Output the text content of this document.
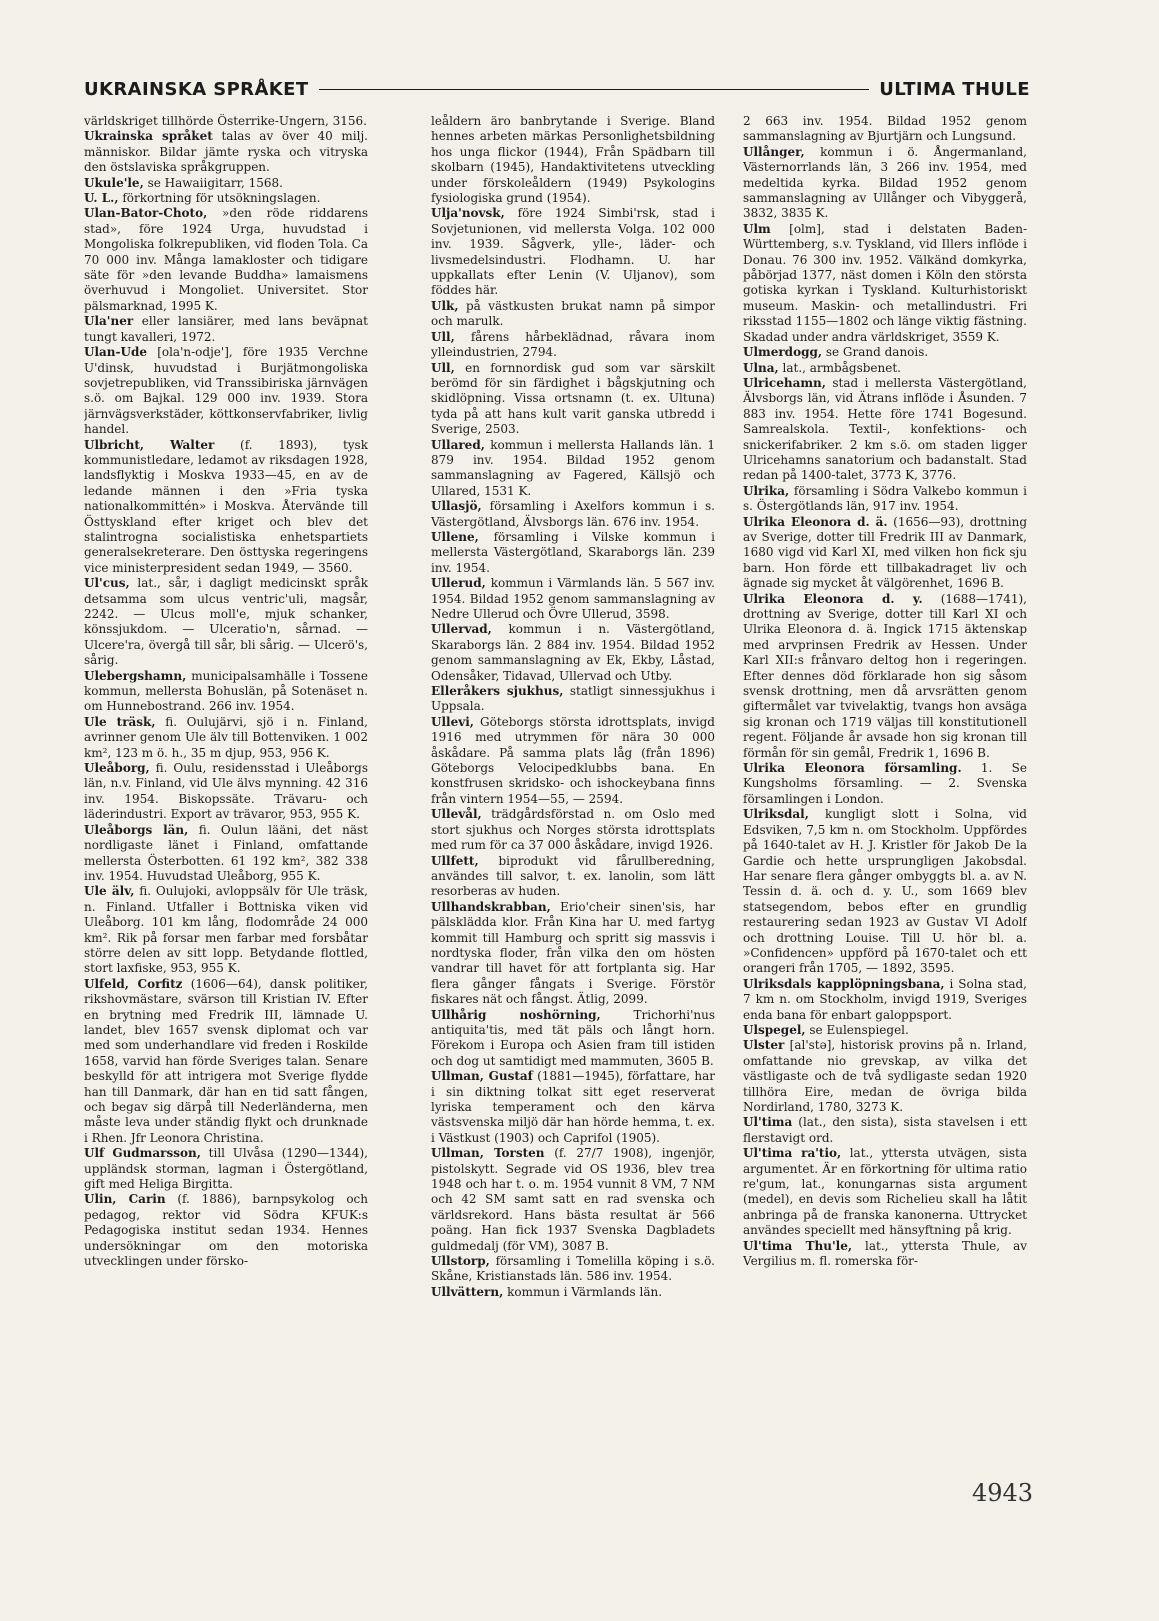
UKRAINSKA SPRÅKET	ULTIMA THULE

världskriget tillhörde Österrike-Ungern, 3156.

Ukrainska språket talas av över 40 milj. människor. Bildar jämte ryska och vitryska den östslaviska språkgruppen.

Ukule'le, se Hawaiigitarr, 1568.

U. L., förkortning för utsökningslagen.

Ulan-Bator-Choto, »den röde riddarens stad», före 1924 Urga, huvudstad i Mongoliska folkrepubliken, vid floden Tola. Ca 70 000 inv. Många lamakloster och tidigare säte för »den levande Buddha» lamaismens överhuvud i Mongoliet. Universitet. Stor pälsmarknad, 1995 K.

Ula'ner eller lansiärer, med lans beväpnat tungt kavalleri, 1972.

Ulan-Ude [ola'n-odje'], före 1935 Verchne U'dinsk, huvudstad i Burjätmongoliska sovjetrepubliken, vid Transsibiriska järnvägen s.ö. om Bajkal. 129 000 inv. 1939. Stora järnvägsverkstäder, köttkonservfabriker, livlig handel.

Ulbricht, Walter (f. 1893), tysk kommunistledare, ledamot av riksdagen 1928, landsflyktig i Moskva 1933—45, en av de ledande männen i den »Fria tyska nationalkommittén» i Moskva. Återvände till Östtyskland efter kriget och blev det stalintrogna socialistiska enhetspartiets generalsekreterare. Den östtyska regeringens vice ministerpresident sedan 1949, — 3560.

Ul'cus, lat., sår, i dagligt medicinskt språk detsamma som ulcus ventric'uli, magsår, 2242. — Ulcus moll'e, mjuk schanker, könssjukdom. — Ulceratio'n, sårnad. — Ulcere'ra, övergå till sår, bli sårig. — Ulcerö's, sårig.

Ulebergshamn, municipalsamhälle i Tossene kommun, mellersta Bohuslän, på Sotenäset n. om Hunnebostrand. 266 inv. 1954.

Ule träsk, fi. Oulujärvi, sjö i n. Finland, avrinner genom Ule älv till Bottenviken. 1 002 km², 123 m ö. h., 35 m djup, 953, 956 K.

Uleåborg, fi. Oulu, residensstad i Uleåborgs län, n.v. Finland, vid Ule älvs mynning. 42 316 inv. 1954. Biskopssäte. Trävaru- och läderindustri. Export av trävaror, 953, 955 K.

Uleåborgs län, fi. Oulun lääni, det näst nordligaste länet i Finland, omfattande mellersta Österbotten. 61 192 km², 382 338 inv. 1954. Huvudstad Uleåborg, 955 K.

Ule älv, fi. Oulujoki, avloppsälv för Ule träsk, n. Finland. Utfaller i Bottniska viken vid Uleåborg. 101 km lång, flodområde 24 000 km². Rik på forsar men farbar med forsbåtar större delen av sitt lopp. Betydande flottled, stort laxfiske, 953, 955 K.

Ulfeld, Corfitz (1606—64), dansk politiker, rikshovmästare, svärson till Kristian IV. Efter en brytning med Fredrik III, lämnade U. landet, blev 1657 svensk diplomat och var med som underhandlare vid freden i Roskilde 1658, varvid han förde Sveriges talan. Senare beskylld för att intrigera mot Sverige flydde han till Danmark, där han en tid satt fången, och begav sig därpå till Nederländerna, men måste leva under ständig flykt och drunknade i Rhen. Jfr Leonora Christina.

Ulf Gudmarsson, till Ulvåsa (1290—1344), uppländsk storman, lagman i Östergötland, gift med Heliga Birgitta.

Ulin, Carin (f. 1886), barnpsykolog och pedagog, rektor vid Södra KFUK:s Pedagogiska institut sedan 1934. Hennes undersökningar om den motoriska utvecklingen under försko-

leåldern äro banbrytande i Sverige. Bland hennes arbeten märkas Personlighetsbildning hos unga flickor (1944), Från Spädbarn till skolbarn (1945), Handaktivitetens utveckling under förskoleåldern (1949) Psykologins fysiologiska grund (1954).

Ulja'novsk, före 1924 Simbi'rsk, stad i Sovjetunionen, vid mellersta Volga. 102 000 inv. 1939. Sågverk, ylle-, läder- och livsmedelsindustri. Flodhamn. U. har uppkallats efter Lenin (V. Uljanov), som föddes här.

Ulk, på västkusten brukat namn på simpor och marulk.

Ull, fårens hårbeklädnad, råvara inom ylleindustrien, 2794.

Ull, en fornnordisk gud som var särskilt berömd för sin färdighet i bågskjutning och skidlöpning. Vissa ortsnamn (t. ex. Ultuna) tyda på att hans kult varit ganska utbredd i Sverige, 2503.

Ullared, kommun i mellersta Hallands län. 1 879 inv. 1954. Bildad 1952 genom sammanslagning av Fagered, Källsjö och Ullared, 1531 K.

Ullasjö, församling i Axelfors kommun i s. Västergötland, Älvsborgs län. 676 inv. 1954.

Ullene, församling i Vilske kommun i mellersta Västergötland, Skaraborgs län. 239 inv. 1954.

Ullerud, kommun i Värmlands län. 5 567 inv. 1954. Bildad 1952 genom sammanslagning av Nedre Ullerud och Övre Ullerud, 3598.

Ullervad, kommun i n. Västergötland, Skaraborgs län. 2 884 inv. 1954. Bildad 1952 genom sammanslagning av Ek, Ekby, Låstad, Odensåker, Tidavad, Ullervad och Utby.

Elleråkers sjukhus, statligt sinnessjukhus i Uppsala.

Ullevi, Göteborgs största idrottsplats, invigd 1916 med utrymmen för nära 30 000 åskådare. På samma plats låg (från 1896) Göteborgs Velocipedklubbs bana. En konstfrusen skridsko- och ishockeybana finns från vintern 1954—55, — 2594.

Ullevål, trädgårdsförstad n. om Oslo med stort sjukhus och Norges största idrottsplats med rum för ca 37 000 åskådare, invigd 1926.

Ullfett, biprodukt vid fårullberedning, användes till salvor, t. ex. lanolin, som lätt resorberas av huden.

Ullhandskrabban, Erio'cheir sinen'sis, har pälsklädda klor. Från Kina har U. med fartyg kommit till Hamburg och spritt sig massvis i nordtyska floder, från vilka den om hösten vandrar till havet för att fortplanta sig. Har flera gånger fångats i Sverige. Förstör fiskares nät och fångst. Ätlig, 2099.

Ullhårig noshörning, Trichorhi'nus antiquita'tis, med tät päls och långt horn. Förekom i Europa och Asien fram till istiden och dog ut samtidigt med mammuten, 3605 B.

Ullman, Gustaf (1881—1945), författare, har i sin diktning tolkat sitt eget reserverat lyriska temperament och den kärva västsvenska miljö där han hörde hemma, t. ex. i Västkust (1903) och Caprifol (1905).

Ullman, Torsten (f. 27/7 1908), ingenjör, pistolskytt. Segrade vid OS 1936, blev trea 1948 och har t. o. m. 1954 vunnit 8 VM, 7 NM och 42 SM samt satt en rad svenska och världsrekord. Hans bästa resultat är 566 poäng. Han fick 1937 Svenska Dagbladets guldmedalj (för VM), 3087 B.

Ullstorp, församling i Tomelilla köping i s.ö. Skåne, Kristianstads län. 586 inv. 1954.

Ullvättern, kommun i Värmlands län.

2 663 inv. 1954. Bildad 1952 genom sammanslagning av Bjurtjärn och Lungsund.

Ullånger, kommun i ö. Ångermanland, Västernorrlands län, 3 266 inv. 1954, med medeltida kyrka. Bildad 1952 genom sammanslagning av Ullånger och Vibyggerå, 3832, 3835 K.

Ulm [olm], stad i delstaten Baden-Württemberg, s.v. Tyskland, vid Illers inflöde i Donau. 76 300 inv. 1952. Välkänd domkyrka, påbörjad 1377, näst domen i Köln den största gotiska kyrkan i Tyskland. Kulturhistoriskt museum. Maskin- och metallindustri. Fri riksstad 1155—1802 och länge viktig fästning. Skadad under andra världskriget, 3559 K.

Ulmerdogg, se Grand danois.

Ulna, lat., armbågsbenet.

Ulricehamn, stad i mellersta Västergötland, Älvsborgs län, vid Ätrans inflöde i Åsunden. 7 883 inv. 1954. Hette före 1741 Bogesund. Samrealskola. Textil-, konfektions- och snickerifabriker. 2 km s.ö. om staden ligger Ulricehamns sanatorium och badanstalt. Stad redan på 1400-talet, 3773 K, 3776.

Ulrika, församling i Södra Valkebo kommun i s. Östergötlands län, 917 inv. 1954.

Ulrika Eleonora d. ä. (1656—93), drottning av Sverige, dotter till Fredrik III av Danmark, 1680 vigd vid Karl XI, med vilken hon fick sju barn. Hon förde ett tillbakadraget liv och ägnade sig mycket åt välgörenhet, 1696 B.

Ulrika Eleonora d. y. (1688—1741), drottning av Sverige, dotter till Karl XI och Ulrika Eleonora d. ä. Ingick 1715 äktenskap med arvprinsen Fredrik av Hessen. Under Karl XII:s frånvaro deltog hon i regeringen. Efter dennes död förklarade hon sig såsom svensk drottning, men då arvsrätten genom giftermålet var tvivelaktig, tvangs hon avsäga sig kronan och 1719 väljas till konstitutionell regent. Följande år avsade hon sig kronan till förmån för sin gemål, Fredrik 1, 1696 B.

Ulrika Eleonora församling. 1. Se Kungsholms församling. — 2. Svenska församlingen i London.

Ulriksdal, kungligt slott i Solna, vid Edsviken, 7,5 km n. om Stockholm. Uppfördes på 1640-talet av H. J. Kristler för Jakob De la Gardie och hette ursprungligen Jakobsdal. Har senare flera gånger ombyggts bl. a. av N. Tessin d. ä. och d. y. U., som 1669 blev statsegendom, bebos efter en grundlig restaurering sedan 1923 av Gustav VI Adolf och drottning Louise. Till U. hör bl. a. »Confidencen» uppförd på 1670-talet och ett orangeri från 1705, — 1892, 3595.

Ulriksdals kapplöpningsbana, i Solna stad, 7 km n. om Stockholm, invigd 1919, Sveriges enda bana för enbart galoppsport.

Ulspegel, se Eulenspiegel.

Ulster [al'stə], historisk provins på n. Irland, omfattande nio grevskap, av vilka det västligaste och de två sydligaste sedan 1920 tillhöra Eire, medan de övriga bilda Nordirland, 1780, 3273 K.

Ul'tima (lat., den sista), sista stavelsen i ett flerstavigt ord.

Ul'tima ra'tio, lat., yttersta utvägen, sista argumentet. Är en förkortning för ultima ratio re'gum, lat., konungarnas sista argument (medel), en devis som Richelieu skall ha låtit anbringa på de franska kanonerna. Uttrycket användes speciellt med hänsyftning på krig.

Ul'tima Thu'le, lat., yttersta Thule, av Vergilius m. fl. romerska för-

4943
